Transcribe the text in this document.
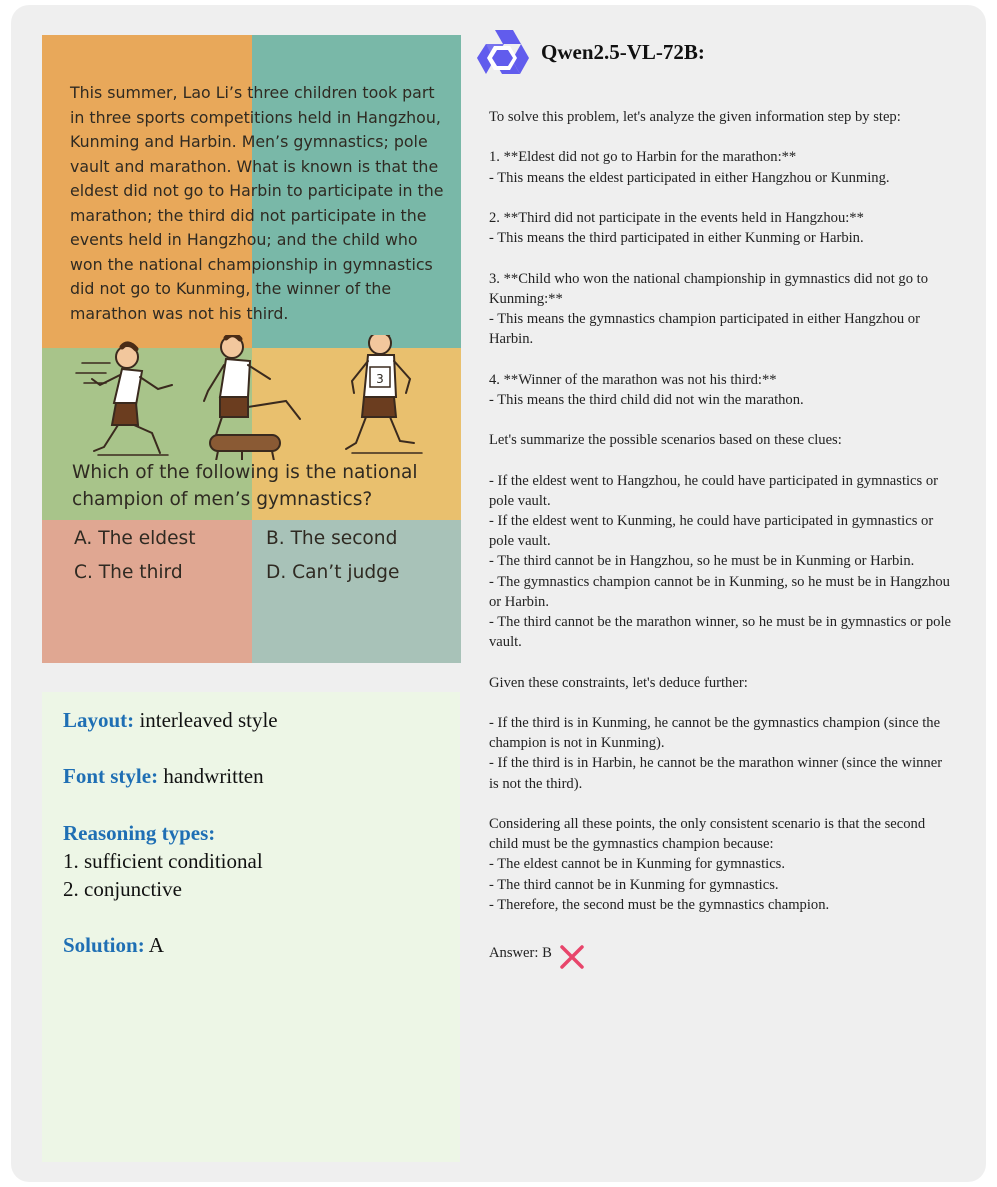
This summer, Lao Li’s three children took part in three sports competitions held in Hangzhou, Kunming and Harbin. Men’s gymnastics; pole vault and marathon. What is known is that the eldest did not go to Harbin to participate in the marathon; the third did not participate in the events held in Hangzhou; and the child who won the national championship in gymnastics did not go to Kunming, the winner of the marathon was not his third.
3
Which of the following is the national champion of men’s gymnastics?
A. The eldest	B. The second
C. The third	D. Can’t judge
Layout: interleaved style
Font style: handwritten
Reasoning types:
1. sufficient conditional
2. conjunctive
Solution: A
Qwen2.5-VL-72B:

To solve this problem, let's analyze the given information step by step:

1. **Eldest did not go to Harbin for the marathon:**
- This means the eldest participated in either Hangzhou or Kunming.

2. **Third did not participate in the events held in Hangzhou:**
- This means the third participated in either Kunming or Harbin.

3. **Child who won the national championship in gymnastics did not go to Kunming:**
- This means the gymnastics champion participated in either Hangzhou or Harbin.

4. **Winner of the marathon was not his third:**
- This means the third child did not win the marathon.

Let's summarize the possible scenarios based on these clues:

- If the eldest went to Hangzhou, he could have participated in gymnastics or pole vault.
- If the eldest went to Kunming, he could have participated in gymnastics or pole vault.
- The third cannot be in Hangzhou, so he must be in Kunming or Harbin.
- The gymnastics champion cannot be in Kunming, so he must be in Hangzhou or Harbin.
- The third cannot be the marathon winner, so he must be in gymnastics or pole vault.

Given these constraints, let's deduce further:

- If the third is in Kunming, he cannot be the gymnastics champion (since the champion is not in Kunming).
- If the third is in Harbin, he cannot be the marathon winner (since the winner is not the third).

Considering all these points, the only consistent scenario is that the second child must be the gymnastics champion because:
- The eldest cannot be in Kunming for gymnastics.
- The third cannot be in Kunming for gymnastics.
- Therefore, the second must be the gymnastics champion.

Answer: B
